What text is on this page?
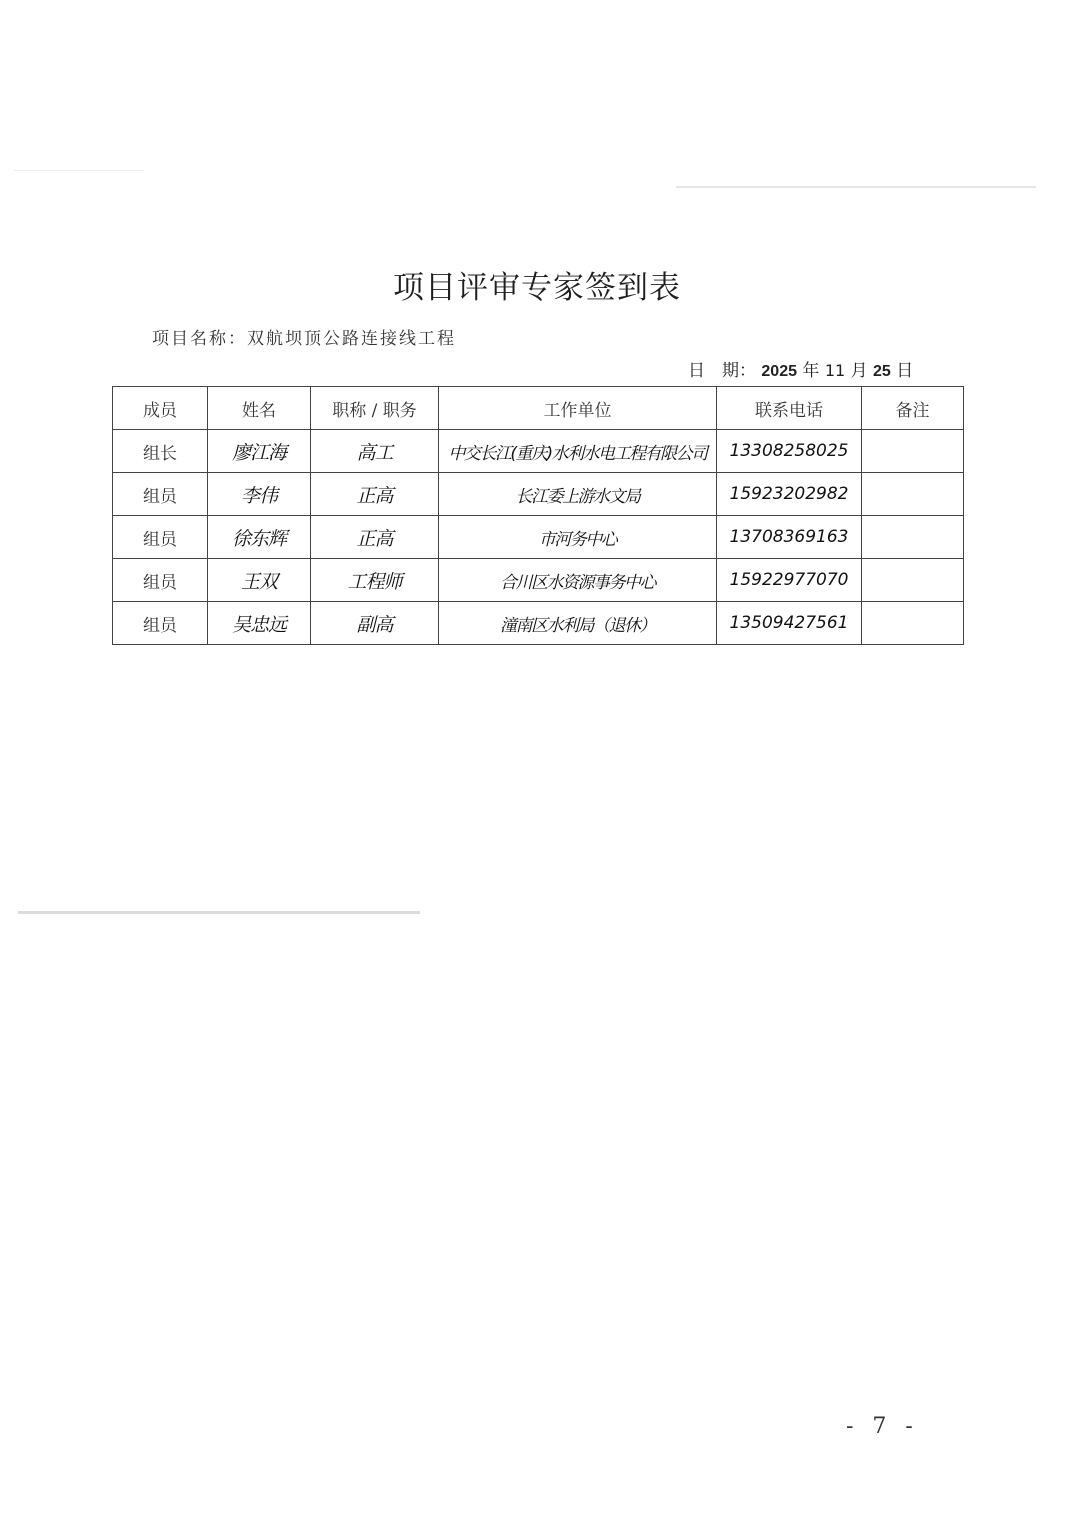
项目评审专家签到表
项目名称：双航坝顶公路连接线工程
日　期： 2025 年 11 月 25 日
成员	姓名	职称 / 职务	工作单位	联系电话	备注
组长	廖江海	高工	中交长江(重庆)水利水电工程有限公司	13308258025	
组员	李伟	正高	长江委上游水文局	15923202982	
组员	徐东辉	正高	市河务中心	13708369163	
组员	王双	工程师	合川区水资源事务中心	15922977070	
组员	吴忠远	副高	潼南区水利局（退休）	13509427561	
- 7 -
